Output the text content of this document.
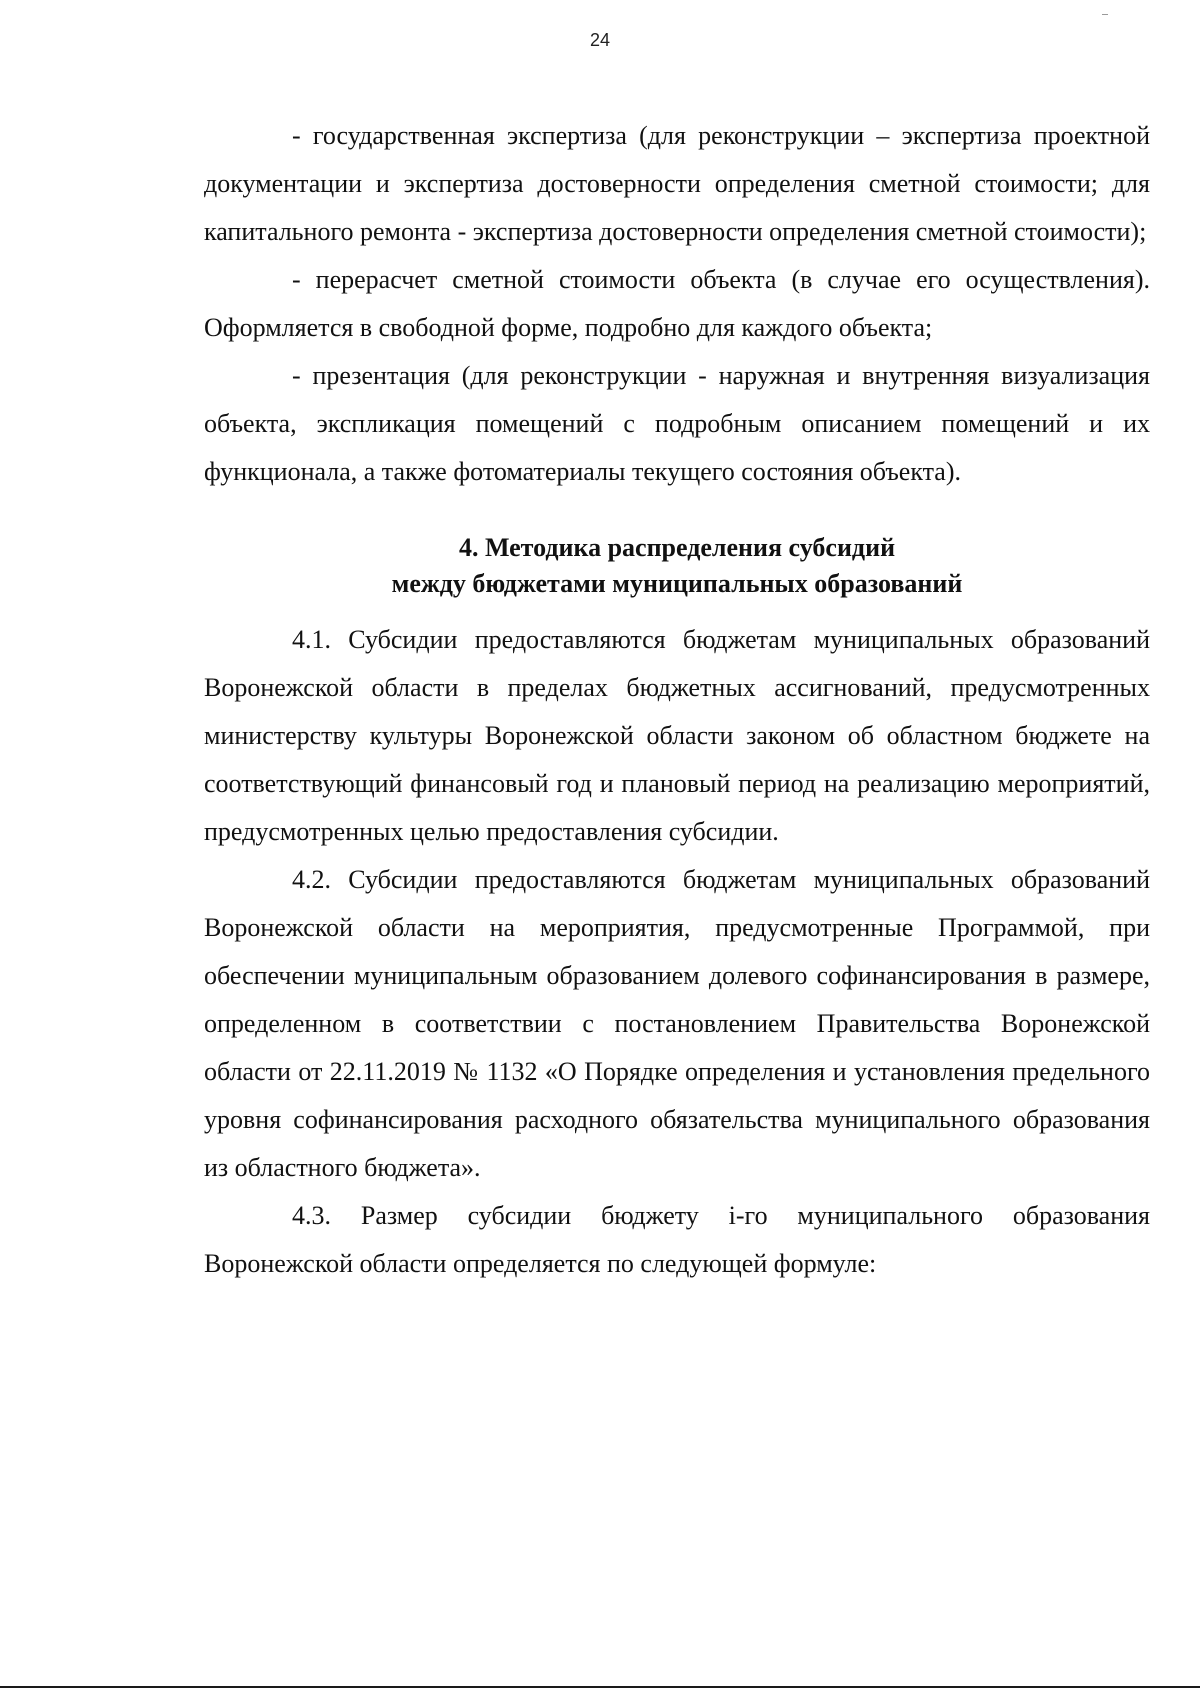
24

- государственная экспертиза (для реконструкции – экспертиза проектной документации и экспертиза достоверности определения сметной стоимости; для капитального ремонта - экспертиза достоверности определения сметной стоимости);

- перерасчет сметной стоимости объекта (в случае его осуществления). Оформляется в свободной форме, подробно для каждого объекта;

- презентация (для реконструкции - наружная и внутренняя визуализация объекта, экспликация помещений с подробным описанием помещений и их функционала, а также фотоматериалы текущего состояния объекта).

4. Методика распределения субсидий
между бюджетами муниципальных образований

4.1. Субсидии предоставляются бюджетам муниципальных образований Воронежской области в пределах бюджетных ассигнований, предусмотренных министерству культуры Воронежской области законом об областном бюджете на соответствующий финансовый год и плановый период на реализацию мероприятий, предусмотренных целью предоставления субсидии.

4.2. Субсидии предоставляются бюджетам муниципальных образований Воронежской области на мероприятия, предусмотренные Программой, при обеспечении муниципальным образованием долевого софинансирования в размере, определенном в соответствии с постановлением Правительства Воронежской области от 22.11.2019 № 1132 «О Порядке определения и установления предельного уровня софинансирования расходного обязательства муниципального образования из областного бюджета».

4.3. Размер субсидии бюджету i-го муниципального образования Воронежской области определяется по следующей формуле:
